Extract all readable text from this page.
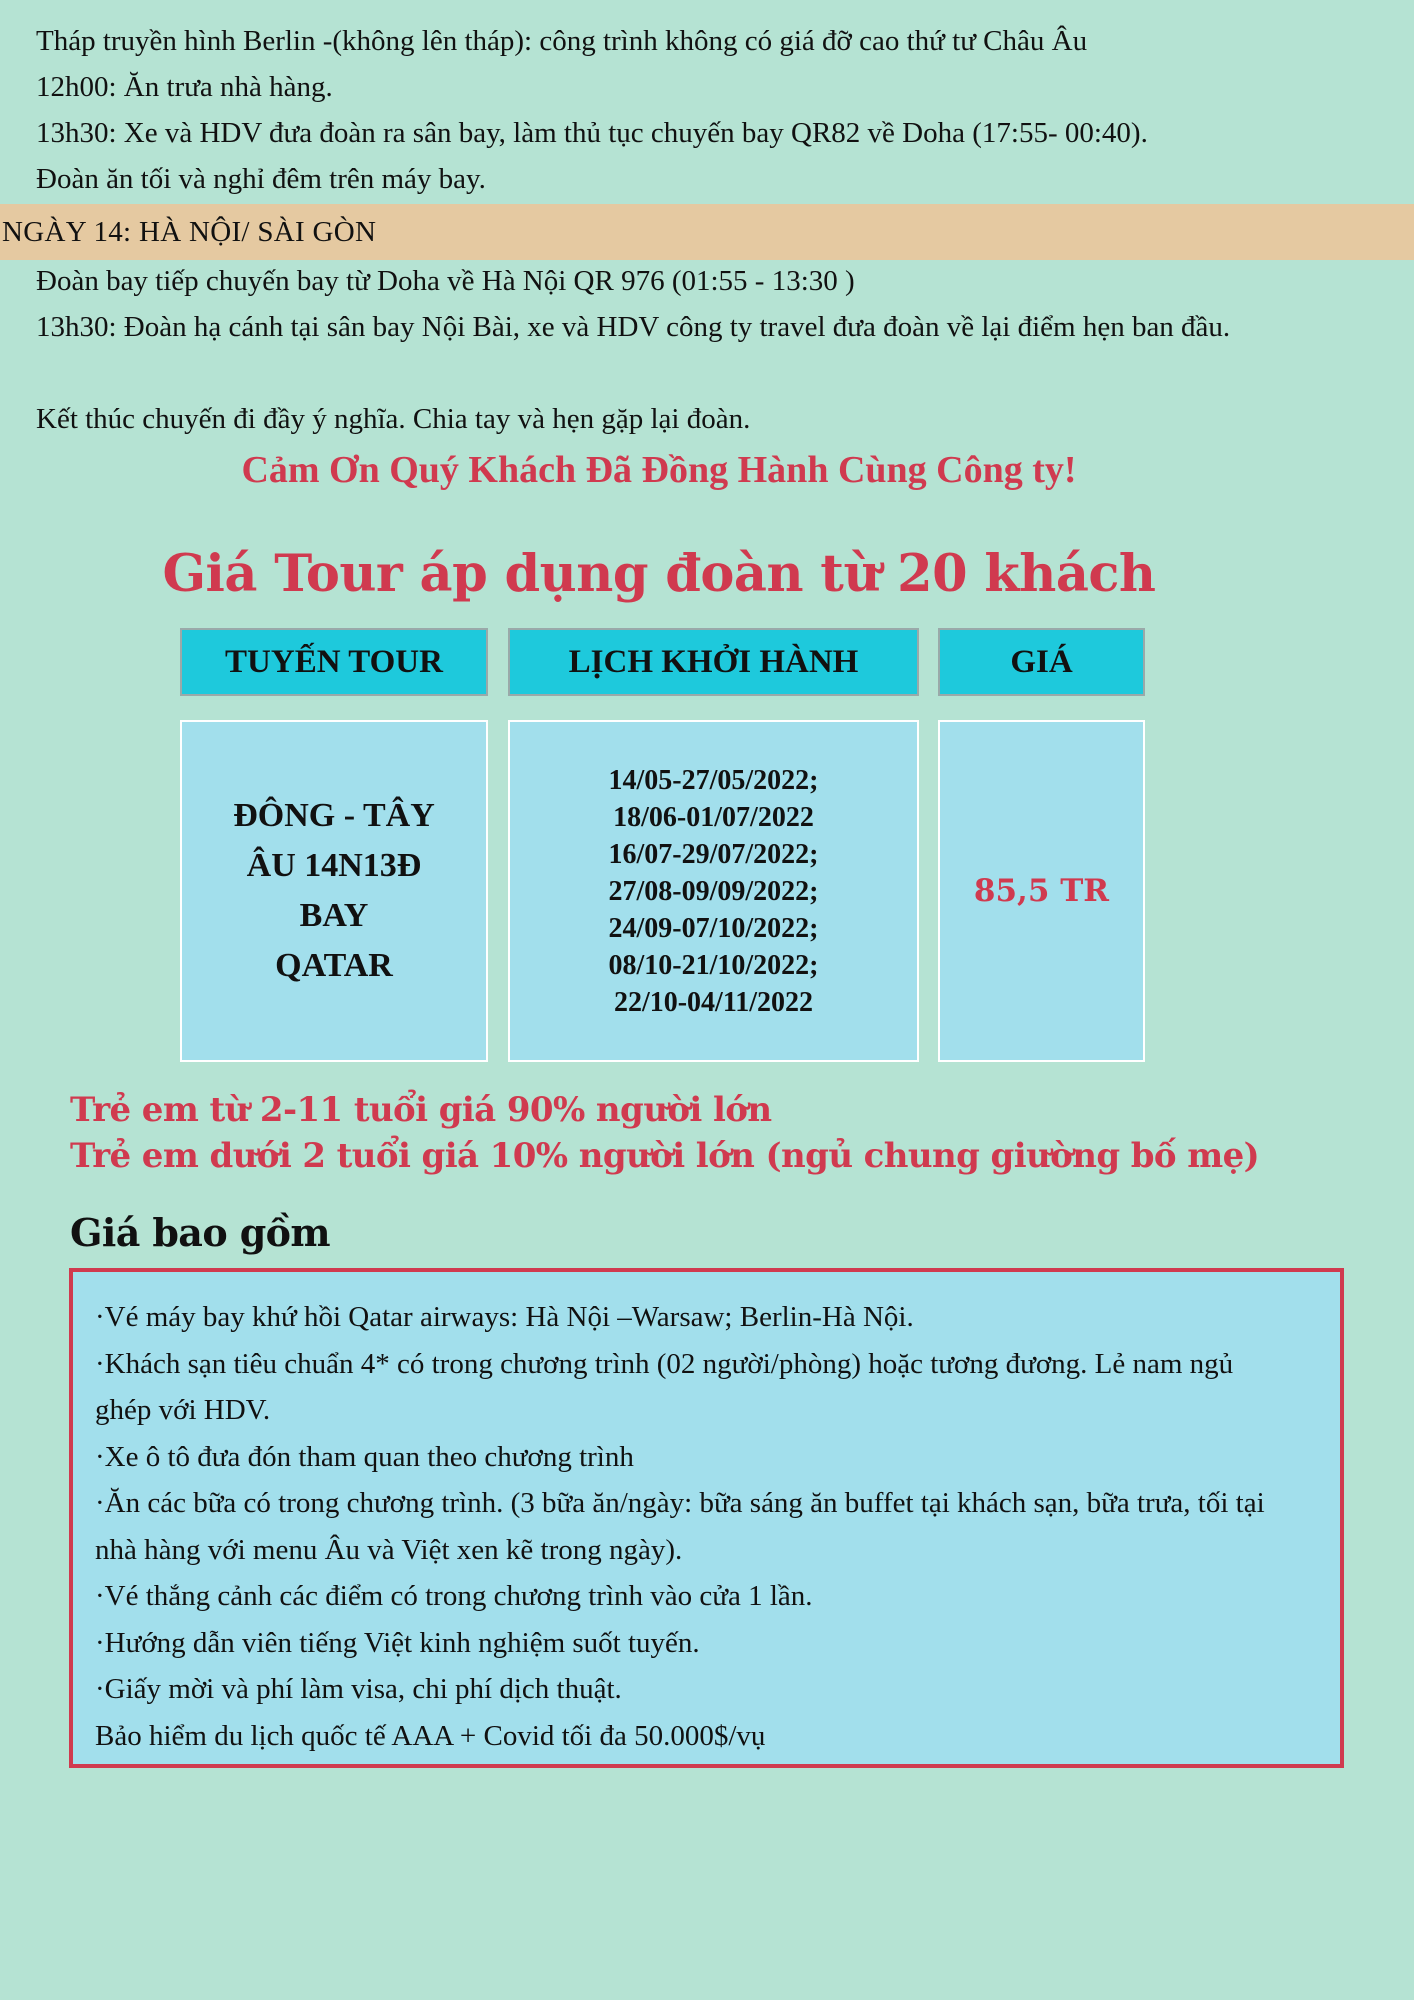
Tháp truyền hình Berlin -(không lên tháp): công trình không có giá đỡ cao thứ tư Châu Âu
12h00: Ăn trưa nhà hàng.
13h30: Xe và HDV đưa đoàn ra sân bay, làm thủ tục chuyến bay QR82 về Doha (17:55- 00:40).
Đoàn ăn tối và nghỉ đêm trên máy bay.
NGÀY 14: HÀ NỘI/ SÀI GÒN
Đoàn bay tiếp chuyến bay từ Doha về Hà Nội QR 976 (01:55 - 13:30 )
13h30: Đoàn hạ cánh tại sân bay Nội Bài, xe và HDV công ty travel đưa đoàn về lại điểm hẹn ban đầu.
Kết thúc chuyến đi đầy ý nghĩa. Chia tay và hẹn gặp lại đoàn.
Cảm Ơn Quý Khách Đã Đồng Hành Cùng Công ty!
Giá Tour áp dụng đoàn từ 20 khách
TUYẾN TOUR	LỊCH KHỞI HÀNH	GIÁ
ĐÔNG - TÂY
ÂU 14N13Đ
BAY
QATAR
14/05-27/05/2022;
18/06-01/07/2022
16/07-29/07/2022;
27/08-09/09/2022;
24/09-07/10/2022;
08/10-21/10/2022;
22/10-04/11/2022
85,5 TR
Trẻ em từ 2-11 tuổi giá 90% người lớn
Trẻ em dưới 2 tuổi giá 10% người lớn (ngủ chung giường bố mẹ)
Giá bao gồm
·Vé máy bay khứ hồi Qatar airways: Hà Nội –Warsaw; Berlin-Hà Nội.
·Khách sạn tiêu chuẩn 4* có trong chương trình (02 người/phòng) hoặc tương đương. Lẻ nam ngủ ghép với HDV.
·Xe ô tô đưa đón tham quan theo chương trình
·Ăn các bữa có trong chương trình. (3 bữa ăn/ngày: bữa sáng ăn buffet tại khách sạn, bữa trưa, tối tại nhà hàng với menu Âu và Việt xen kẽ trong ngày).
·Vé thắng cảnh các điểm có trong chương trình vào cửa 1 lần.
·Hướng dẫn viên tiếng Việt kinh nghiệm suốt tuyến.
·Giấy mời và phí làm visa, chi phí dịch thuật.
Bảo hiểm du lịch quốc tế AAA + Covid tối đa 50.000$/vụ
